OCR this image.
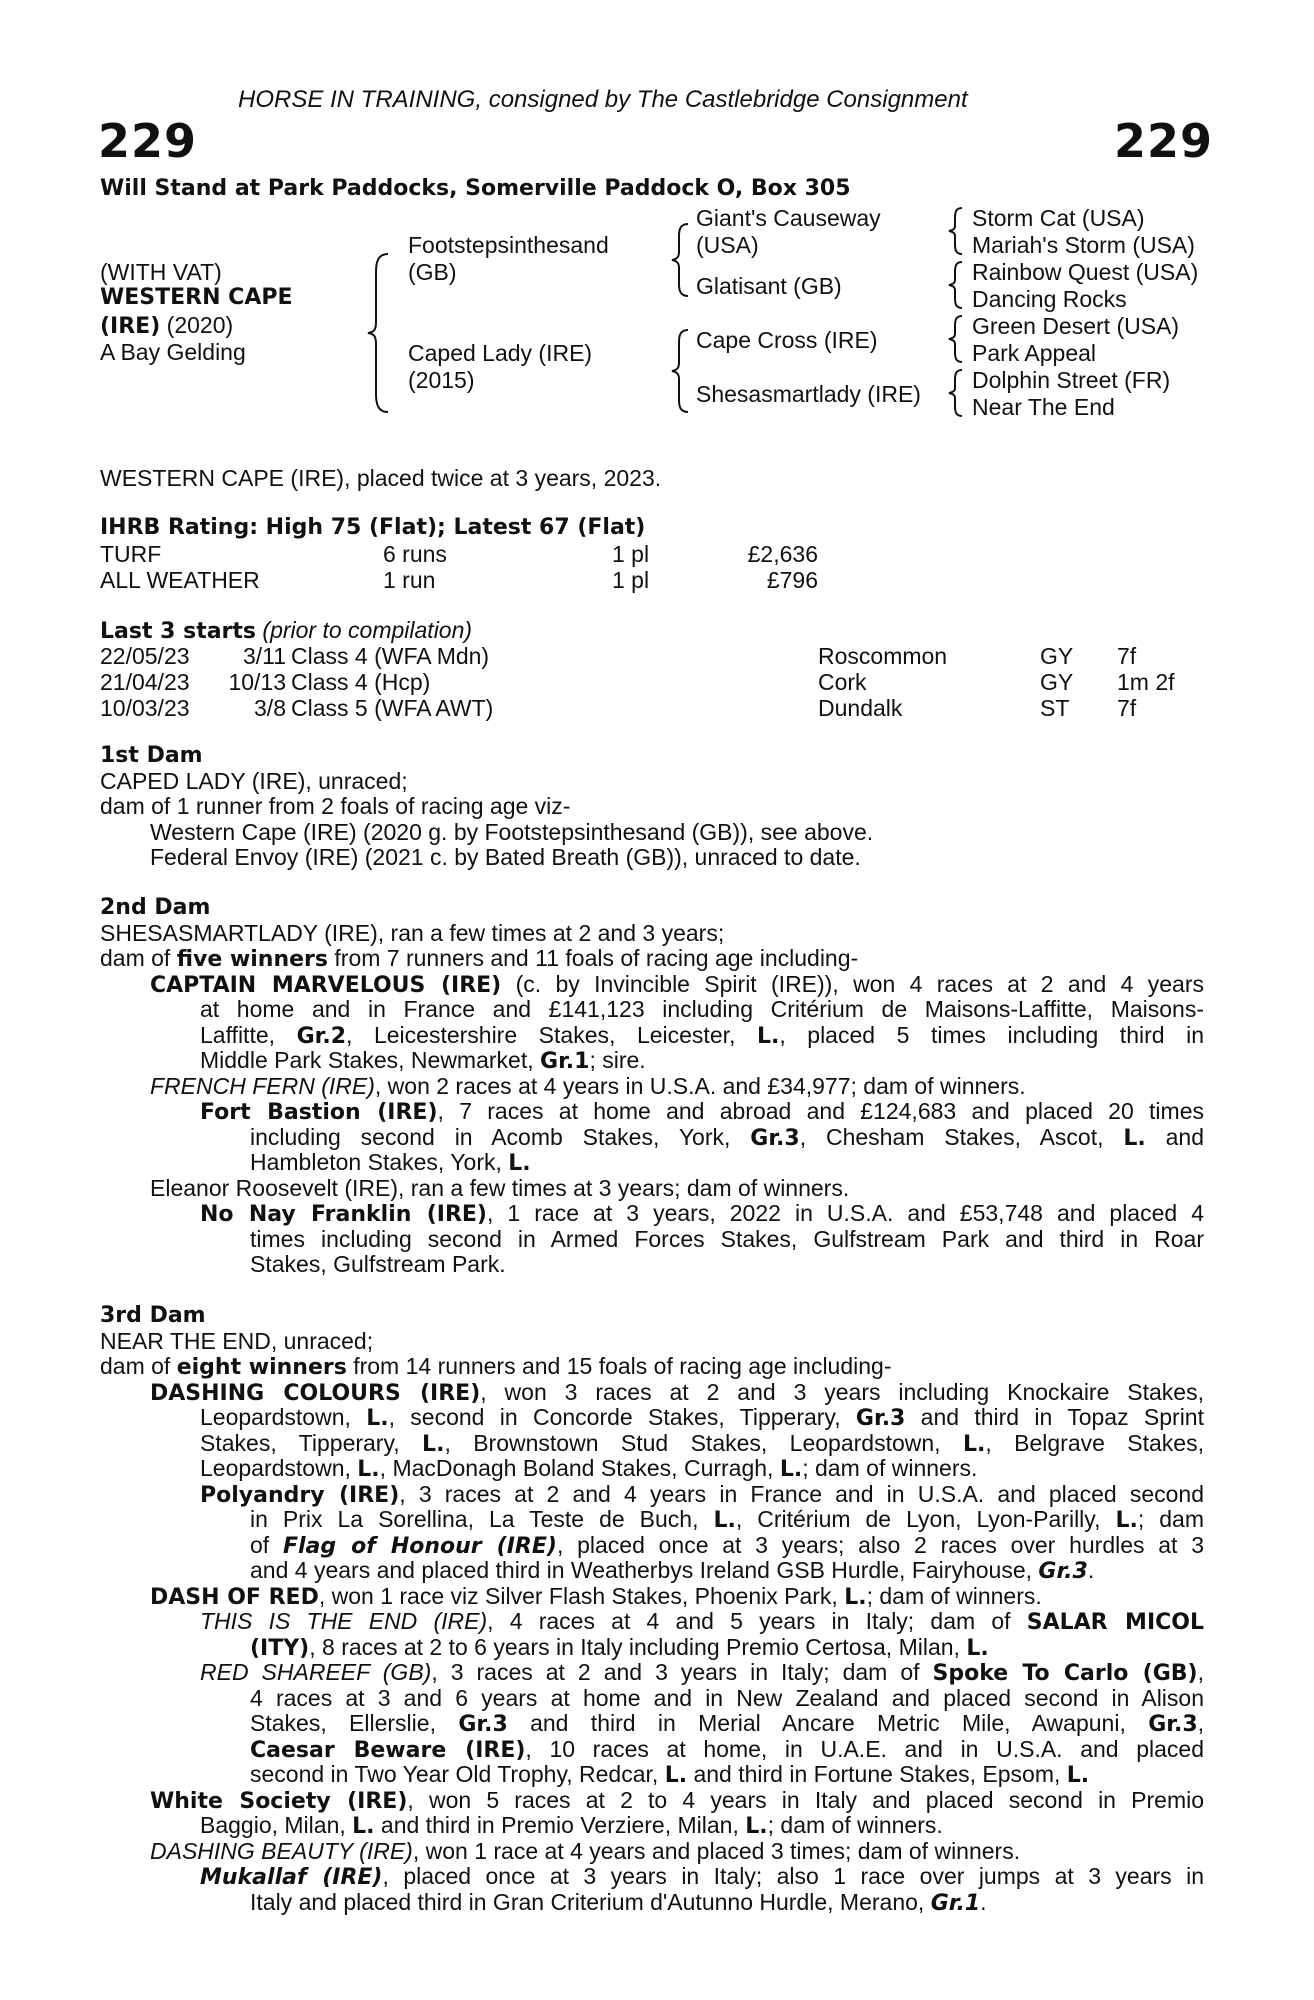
HORSE IN TRAINING, consigned by The Castlebridge Consignment
229	229
Will Stand at Park Paddocks, Somerville Paddock O, Box 305
(WITH VAT)
WESTERN CAPE
(IRE) (2020)
A Bay Gelding
Footstepsinthesand
(GB)
Caped Lady (IRE)
(2015)
Giant's Causeway
(USA)
Glatisant (GB)
Cape Cross (IRE)
Shesasmartlady (IRE)
Storm Cat (USA)
Mariah's Storm (USA)
Rainbow Quest (USA)
Dancing Rocks
Green Desert (USA)
Park Appeal
Dolphin Street (FR)
Near The End
WESTERN CAPE (IRE), placed twice at 3 years, 2023.
IHRB Rating: High 75 (Flat); Latest 67 (Flat)
TURF	6 runs	1 pl	£2,636
ALL WEATHER	1 run	1 pl	£796
Last 3 starts (prior to compilation)
22/05/23	3/11 Class 4 (WFA Mdn)	Roscommon	GY 7f
21/04/23	10/13 Class 4 (Hcp)	Cork	GY 1m 2f
10/03/23	3/8 Class 5 (WFA AWT)	Dundalk	ST 7f
1st Dam
CAPED LADY (IRE), unraced;
dam of 1 runner from 2 foals of racing age viz-
Western Cape (IRE) (2020 g. by Footstepsinthesand (GB)), see above.
Federal Envoy (IRE) (2021 c. by Bated Breath (GB)), unraced to date.
2nd Dam
SHESASMARTLADY (IRE), ran a few times at 2 and 3 years;
dam of five winners from 7 runners and 11 foals of racing age including-
CAPTAIN MARVELOUS (IRE) (c. by Invincible Spirit (IRE)), won 4 races at 2 and 4 years
at home and in France and £141,123 including Critérium de Maisons-Laffitte, Maisons-
Laffitte, Gr.2, Leicestershire Stakes, Leicester, L., placed 5 times including third in
Middle Park Stakes, Newmarket, Gr.1; sire.
FRENCH FERN (IRE), won 2 races at 4 years in U.S.A. and £34,977; dam of winners.
Fort Bastion (IRE), 7 races at home and abroad and £124,683 and placed 20 times
including second in Acomb Stakes, York, Gr.3, Chesham Stakes, Ascot, L. and
Hambleton Stakes, York, L.
Eleanor Roosevelt (IRE), ran a few times at 3 years; dam of winners.
No Nay Franklin (IRE), 1 race at 3 years, 2022 in U.S.A. and £53,748 and placed 4
times including second in Armed Forces Stakes, Gulfstream Park and third in Roar
Stakes, Gulfstream Park.
3rd Dam
NEAR THE END, unraced;
dam of eight winners from 14 runners and 15 foals of racing age including-
DASHING COLOURS (IRE), won 3 races at 2 and 3 years including Knockaire Stakes,
Leopardstown, L., second in Concorde Stakes, Tipperary, Gr.3 and third in Topaz Sprint
Stakes, Tipperary, L., Brownstown Stud Stakes, Leopardstown, L., Belgrave Stakes,
Leopardstown, L., MacDonagh Boland Stakes, Curragh, L.; dam of winners.
Polyandry (IRE), 3 races at 2 and 4 years in France and in U.S.A. and placed second
in Prix La Sorellina, La Teste de Buch, L., Critérium de Lyon, Lyon-Parilly, L.; dam
of Flag of Honour (IRE), placed once at 3 years; also 2 races over hurdles at 3
and 4 years and placed third in Weatherbys Ireland GSB Hurdle, Fairyhouse, Gr.3.
DASH OF RED, won 1 race viz Silver Flash Stakes, Phoenix Park, L.; dam of winners.
THIS IS THE END (IRE), 4 races at 4 and 5 years in Italy; dam of SALAR MICOL
(ITY), 8 races at 2 to 6 years in Italy including Premio Certosa, Milan, L.
RED SHAREEF (GB), 3 races at 2 and 3 years in Italy; dam of Spoke To Carlo (GB),
4 races at 3 and 6 years at home and in New Zealand and placed second in Alison
Stakes, Ellerslie, Gr.3 and third in Merial Ancare Metric Mile, Awapuni, Gr.3,
Caesar Beware (IRE), 10 races at home, in U.A.E. and in U.S.A. and placed
second in Two Year Old Trophy, Redcar, L. and third in Fortune Stakes, Epsom, L.
White Society (IRE), won 5 races at 2 to 4 years in Italy and placed second in Premio
Baggio, Milan, L. and third in Premio Verziere, Milan, L.; dam of winners.
DASHING BEAUTY (IRE), won 1 race at 4 years and placed 3 times; dam of winners.
Mukallaf (IRE), placed once at 3 years in Italy; also 1 race over jumps at 3 years in
Italy and placed third in Gran Criterium d'Autunno Hurdle, Merano, Gr.1.
